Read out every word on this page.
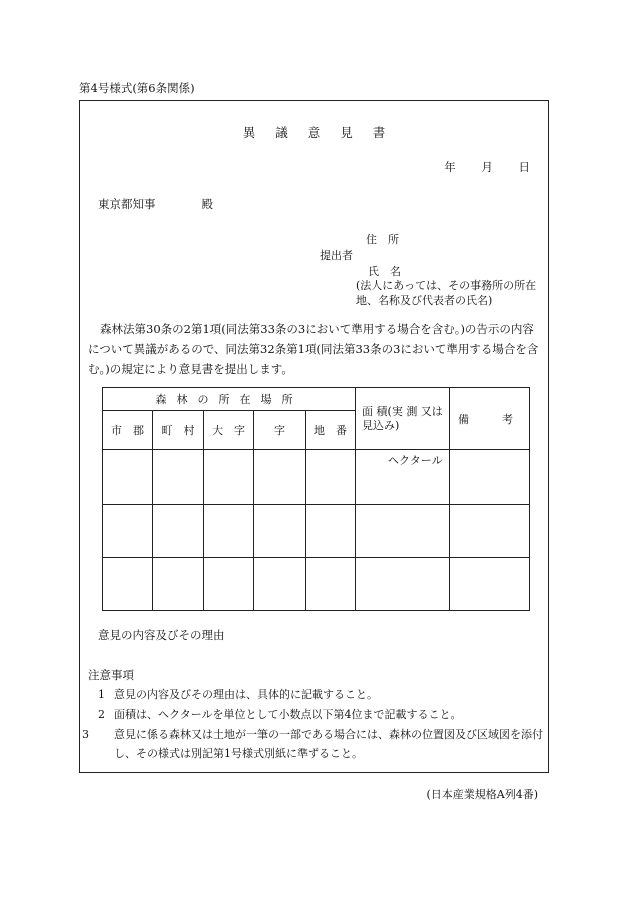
第4号様式(第6条関係)
異議意見書
年 月 日
東京都知事	殿
住　所
提出者
氏　名
(法人にあっては、その事務所の所在地、名称及び代表者の氏名)
森林法第30条の2第1項(同法第33条の3において準用する場合を含む。)の告示の内容について異議があるので、同法第32条第1項(同法第33条の3において準用する場合を含む。)の規定により意見書を提出します。
森林の所在場所					面 積(実 測 又は見込み)	備　　　考
市　郡	町　村	大　字	字	地　番		
					ヘクタール	

意見の内容及びその理由
注意事項
1 意見の内容及びその理由は、具体的に記載すること。
2 面積は、ヘクタールを単位として小数点以下第4位まで記載すること。
3 意見に係る森林又は土地が一筆の一部である場合には、森林の位置図及び区域図を添付し、その様式は別記第1号様式別紙に準ずること。
(日本産業規格A列4番)
